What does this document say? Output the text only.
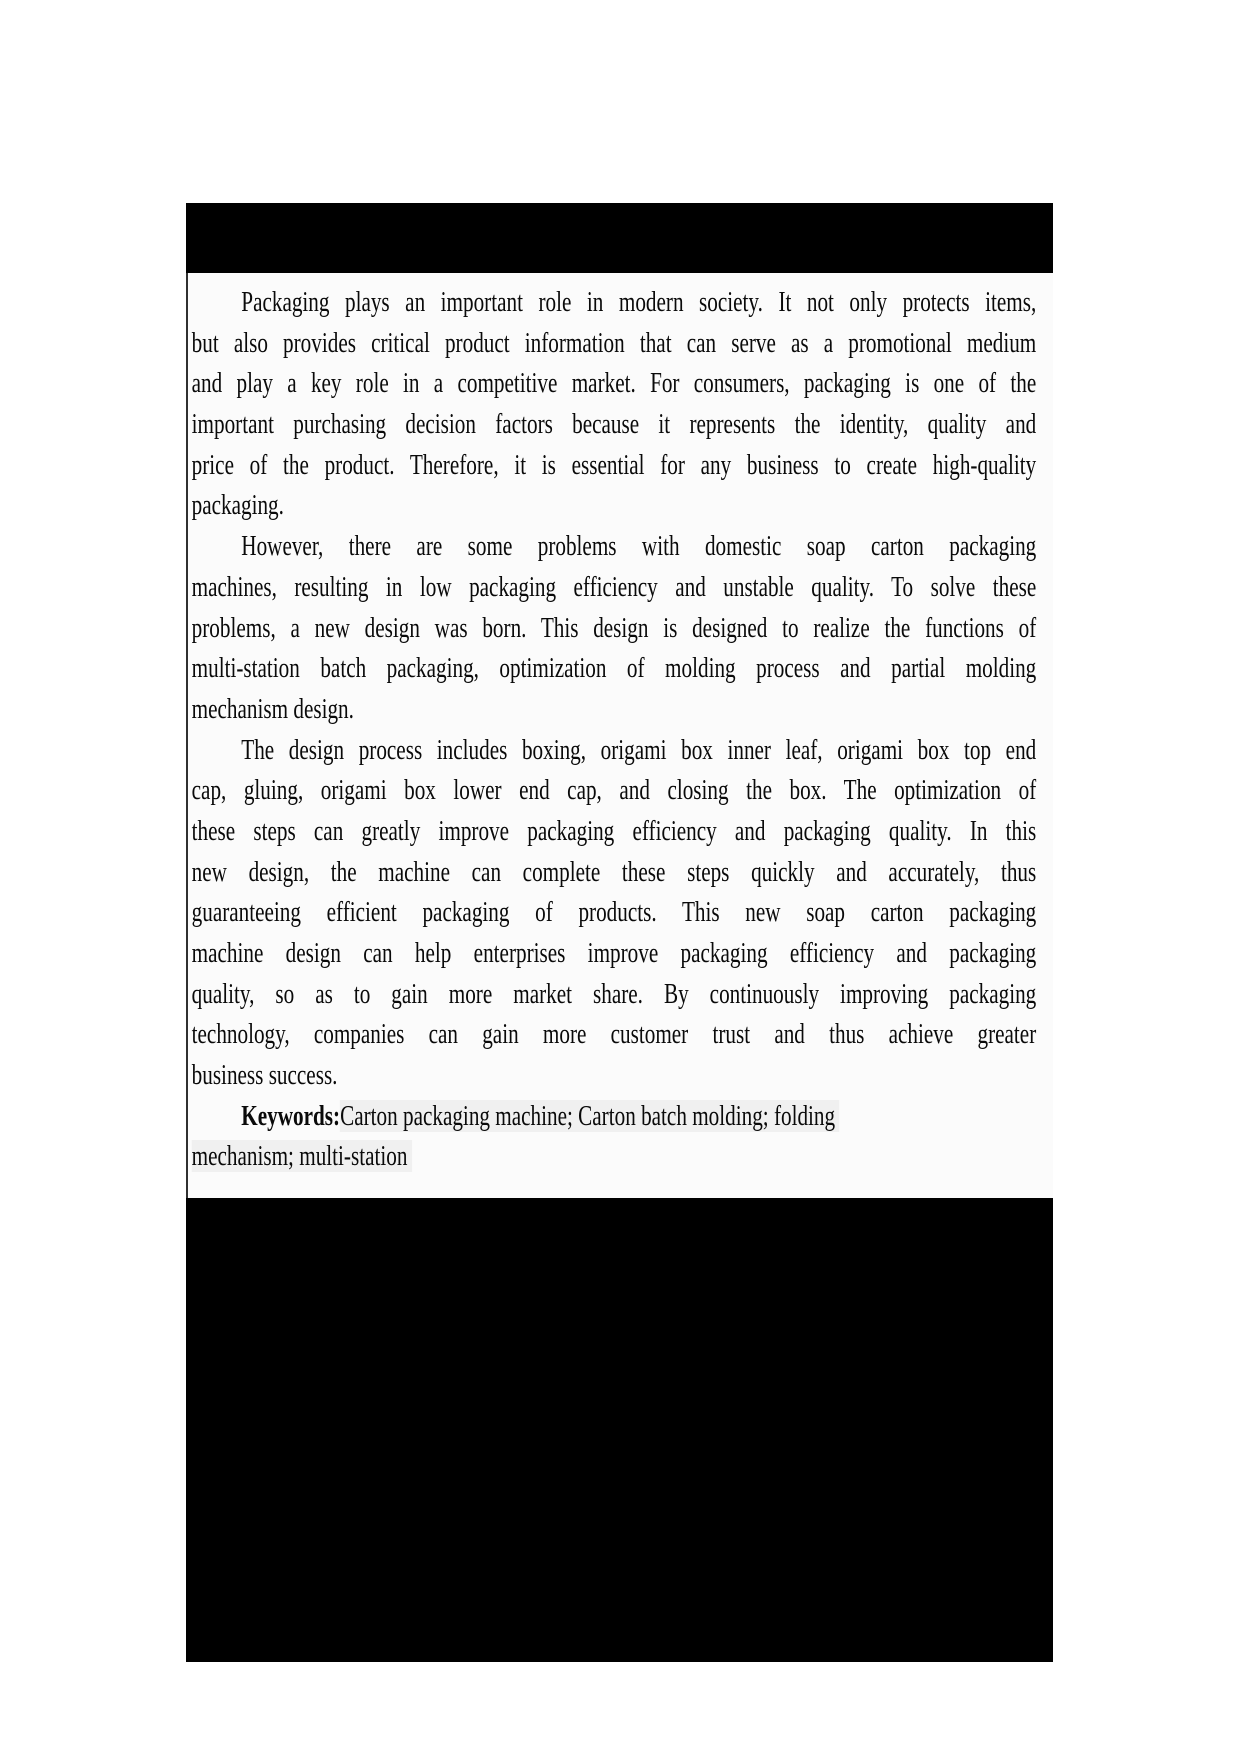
Packaging plays an important role in modern society. It not only protects items,
but also provides critical product information that can serve as a promotional medium
and play a key role in a competitive market. For consumers, packaging is one of the
important purchasing decision factors because it represents the identity, quality and
price of the product. Therefore, it is essential for any business to create high-quality
packaging.
However, there are some problems with domestic soap carton packaging
machines, resulting in low packaging efficiency and unstable quality. To solve these
problems, a new design was born. This design is designed to realize the functions of
multi-station batch packaging, optimization of molding process and partial molding
mechanism design.
The design process includes boxing, origami box inner leaf, origami box top end
cap, gluing, origami box lower end cap, and closing the box. The optimization of
these steps can greatly improve packaging efficiency and packaging quality. In this
new design, the machine can complete these steps quickly and accurately, thus
guaranteeing efficient packaging of products. This new soap carton packaging
machine design can help enterprises improve packaging efficiency and packaging
quality, so as to gain more market share. By continuously improving packaging
technology, companies can gain more customer trust and thus achieve greater
business success.
Keywords:Carton packaging machine; Carton batch molding; folding
mechanism; multi-station
